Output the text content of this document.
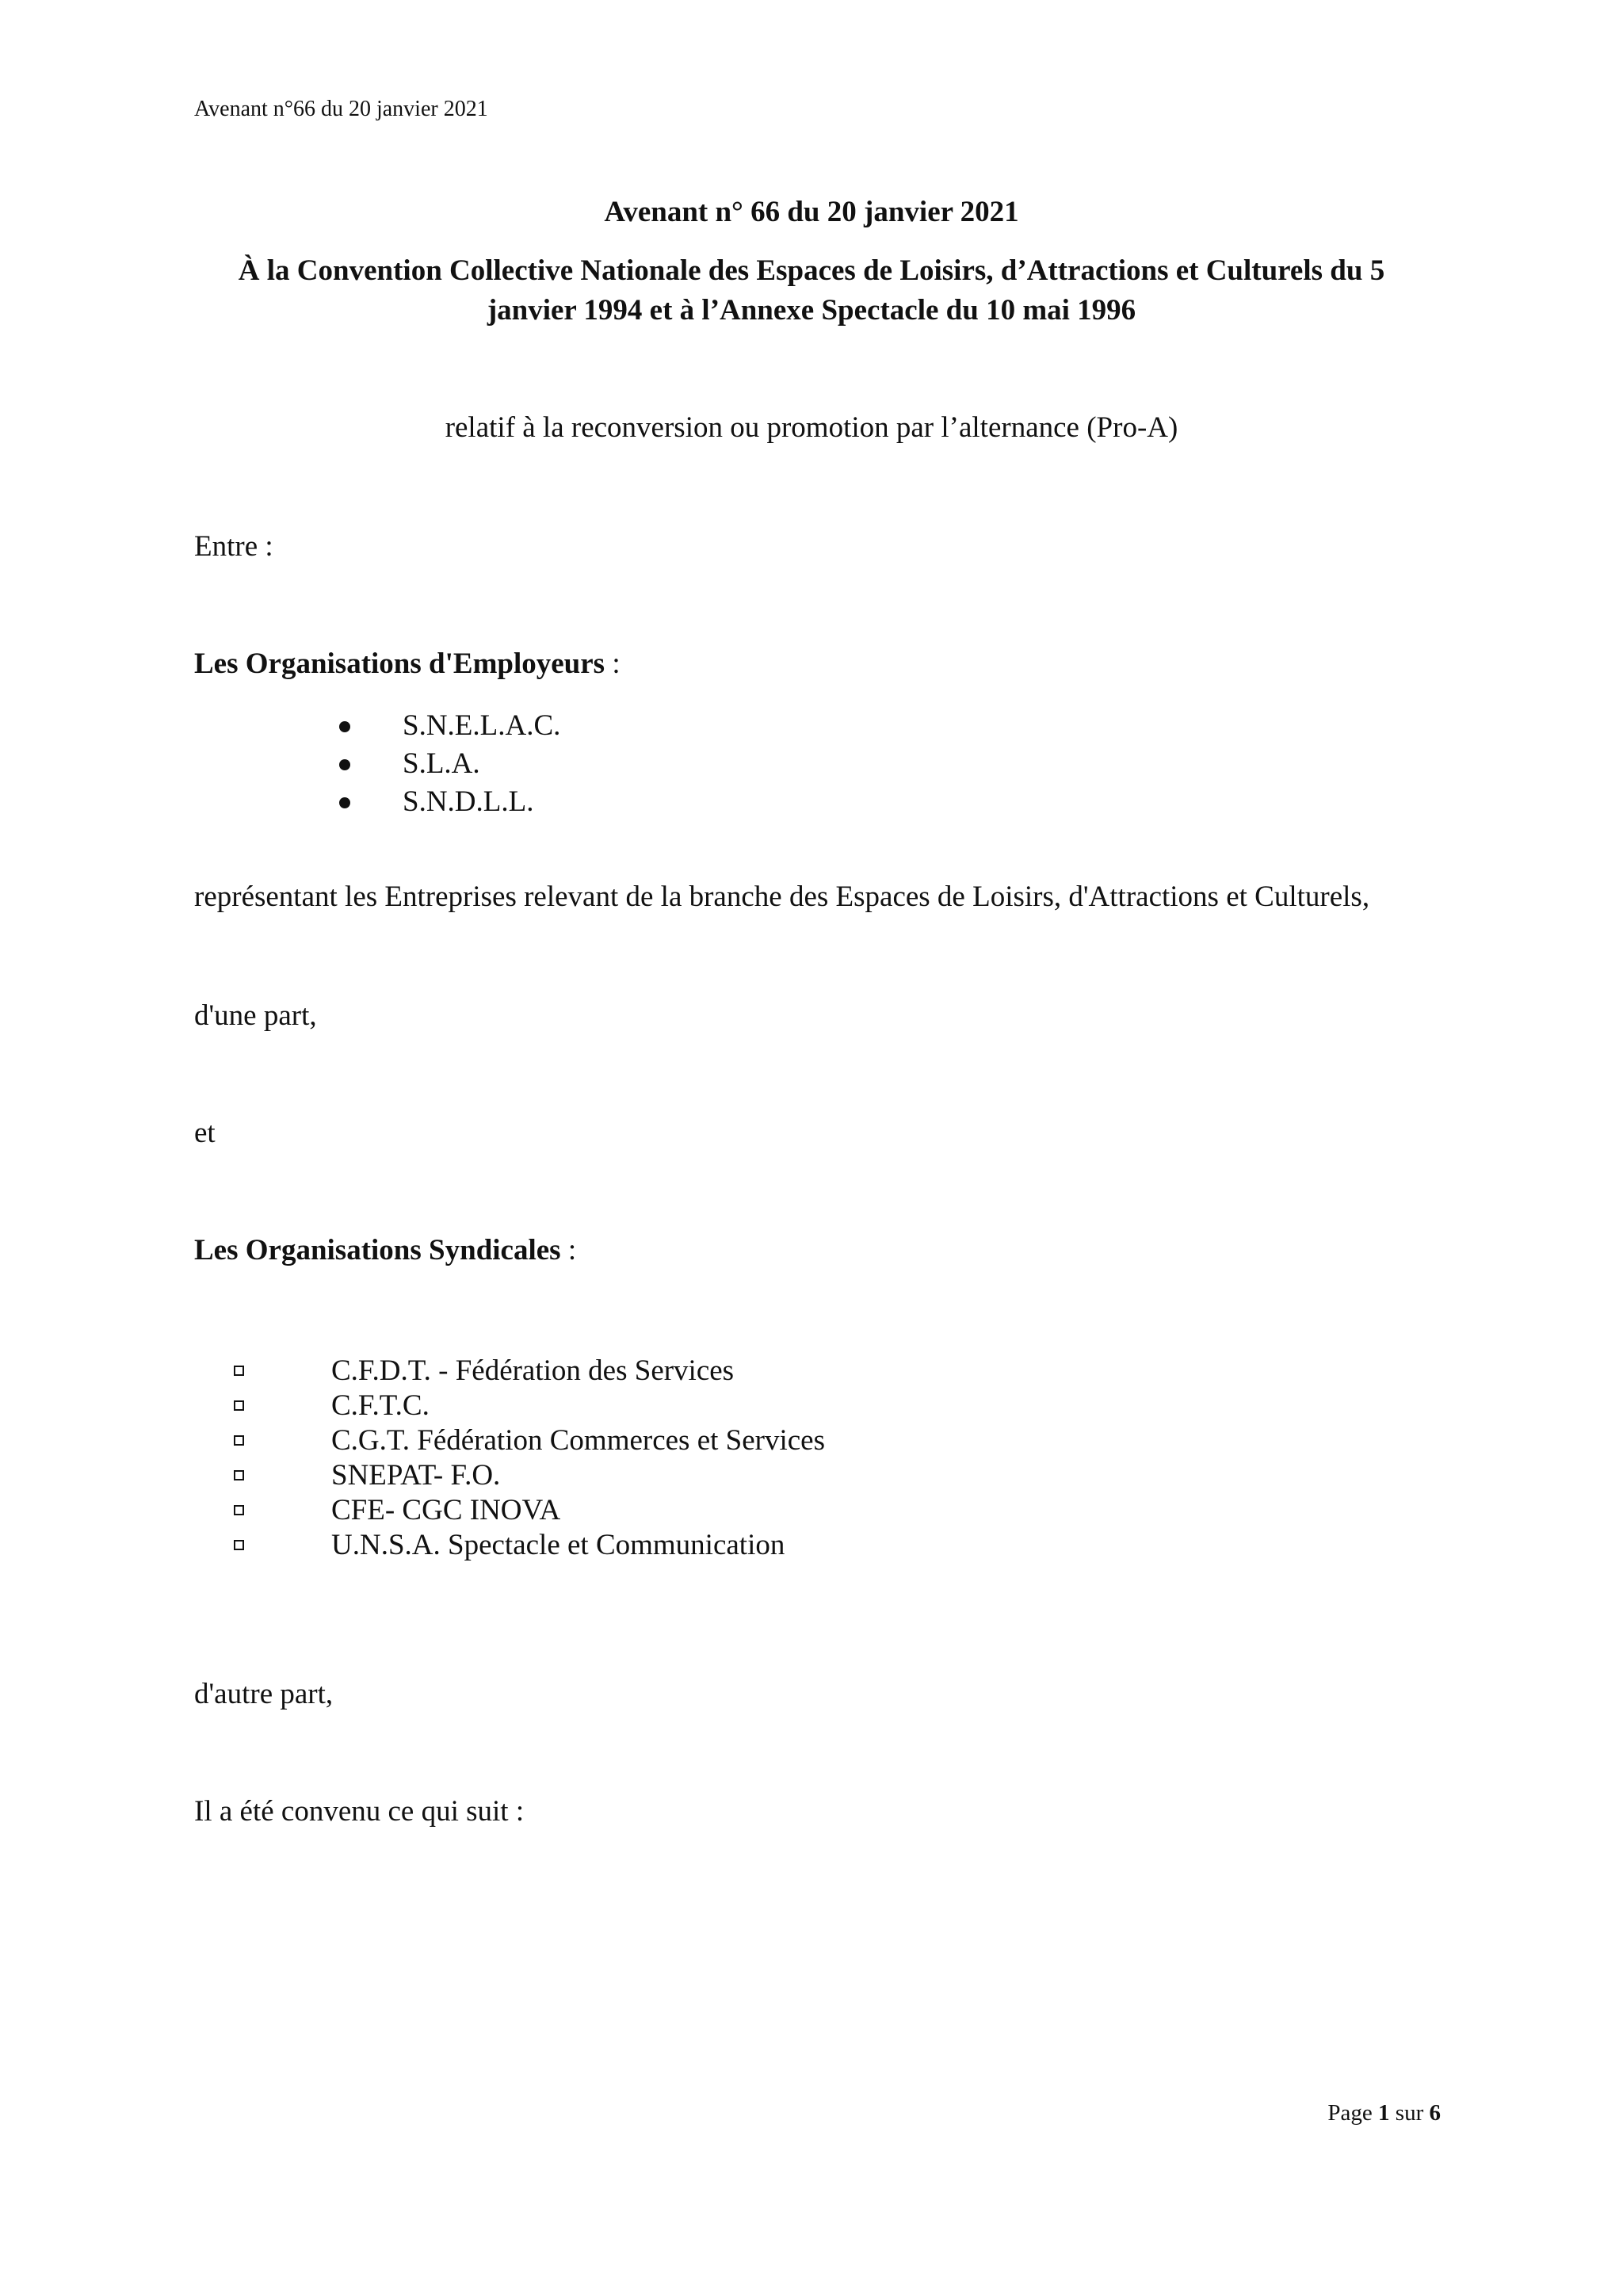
Avenant n°66 du 20 janvier 2021
Avenant n° 66 du 20 janvier 2021
À la Convention Collective Nationale des Espaces de Loisirs, d’Attractions et Culturels du 5
janvier 1994 et à l’Annexe Spectacle du 10 mai 1996
relatif à la reconversion ou promotion par l’alternance (Pro-A)
Entre :
Les Organisations d'Employeurs :
S.N.E.L.A.C.
S.L.A.
S.N.D.L.L.
représentant les Entreprises relevant de la branche des Espaces de Loisirs, d'Attractions et Culturels,
d'une part,
et
Les Organisations Syndicales :
C.F.D.T. - Fédération des Services
C.F.T.C.
C.G.T. Fédération Commerces et Services
SNEPAT- F.O.
CFE- CGC INOVA
U.N.S.A. Spectacle et Communication
d'autre part,
Il a été convenu ce qui suit :
Page 1 sur 6
